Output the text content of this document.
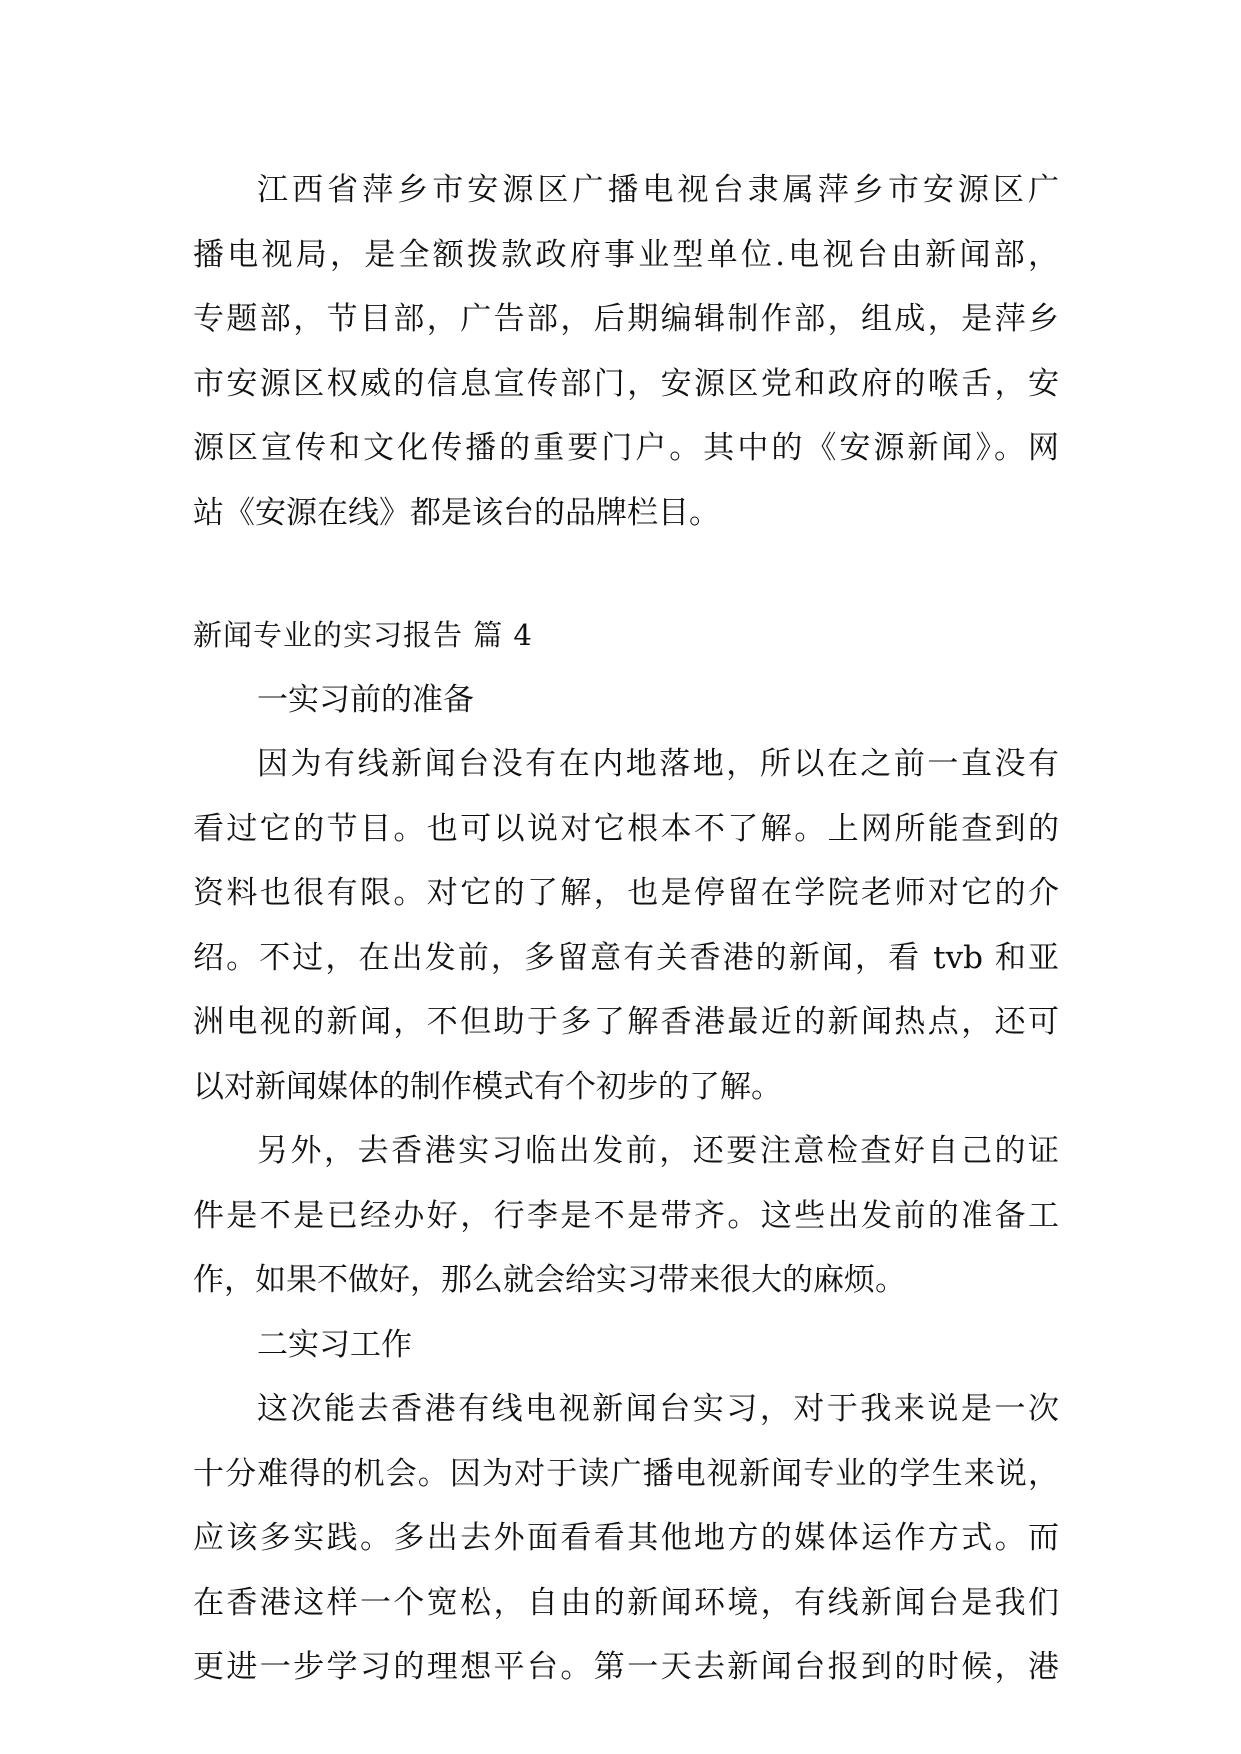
江西省萍乡市安源区广播电视台隶属萍乡市安源区广
播电视局，是全额拨款政府事业型单位.电视台由新闻部，
专题部，节目部，广告部，后期编辑制作部，组成，是萍乡
市安源区权威的信息宣传部门，安源区党和政府的喉舌，安
源区宣传和文化传播的重要门户。其中的《安源新闻》。网
站《安源在线》都是该台的品牌栏目。
新闻专业的实习报告 篇 4
一实习前的准备
因为有线新闻台没有在内地落地，所以在之前一直没有
看过它的节目。也可以说对它根本不了解。上网所能查到的
资料也很有限。对它的了解，也是停留在学院老师对它的介
绍。不过，在出发前，多留意有关香港的新闻，看 tvb 和亚
洲电视的新闻，不但助于多了解香港最近的新闻热点，还可
以对新闻媒体的制作模式有个初步的了解。
另外，去香港实习临出发前，还要注意检查好自己的证
件是不是已经办好，行李是不是带齐。这些出发前的准备工
作，如果不做好，那么就会给实习带来很大的麻烦。
二实习工作
这次能去香港有线电视新闻台实习，对于我来说是一次
十分难得的机会。因为对于读广播电视新闻专业的学生来说，
应该多实践。多出去外面看看其他地方的媒体运作方式。而
在香港这样一个宽松，自由的新闻环境，有线新闻台是我们
更进一步学习的理想平台。第一天去新闻台报到的时候，港
